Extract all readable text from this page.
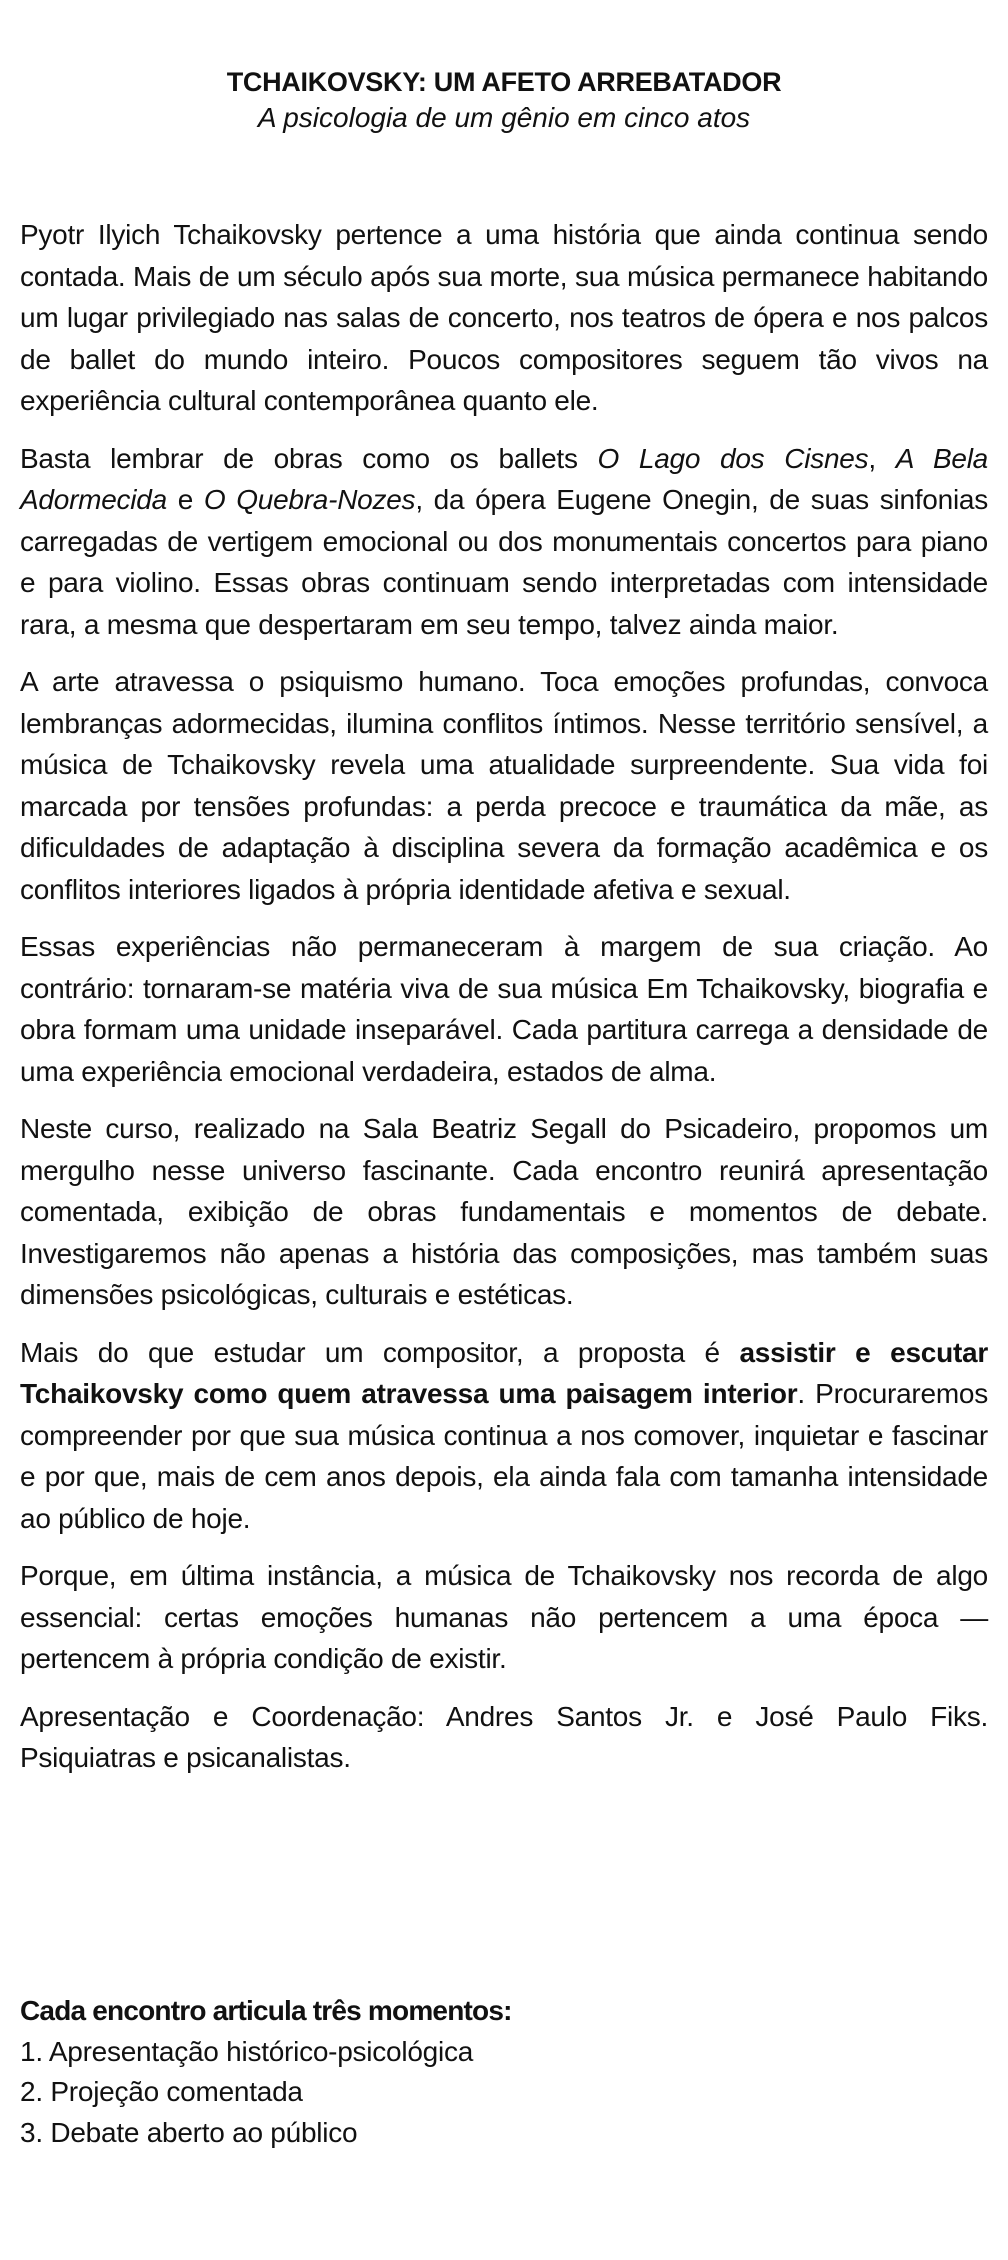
TCHAIKOVSKY: UM AFETO ARREBATADOR
A psicologia de um gênio em cinco atos

Pyotr Ilyich Tchaikovsky pertence a uma história que ainda continua sendo contada. Mais de um século após sua morte, sua música permanece habitando um lugar privilegiado nas salas de concerto, nos teatros de ópera e nos palcos de ballet do mundo inteiro. Poucos compositores seguem tão vivos na experiência cultural contemporânea quanto ele.

Basta lembrar de obras como os ballets O Lago dos Cisnes, A Bela Adormecida e O Quebra-Nozes, da ópera Eugene Onegin, de suas sinfonias carregadas de vertigem emocional ou dos monumentais concertos para piano e para violino. Essas obras continuam sendo interpretadas com intensidade rara, a mesma que despertaram em seu tempo, talvez ainda maior.

A arte atravessa o psiquismo humano. Toca emoções profundas, convoca lembranças adormecidas, ilumina conflitos íntimos. Nesse território sensível, a música de Tchaikovsky revela uma atualidade surpreendente. Sua vida foi marcada por tensões profundas: a perda precoce e traumática da mãe, as dificuldades de adaptação à disciplina severa da formação acadêmica e os conflitos interiores ligados à própria identidade afetiva e sexual.

Essas experiências não permaneceram à margem de sua criação. Ao contrário: tornaram-se matéria viva de sua música Em Tchaikovsky, biografia e obra formam uma unidade inseparável. Cada partitura carrega a densidade de uma experiência emocional verdadeira, estados de alma.

Neste curso, realizado na Sala Beatriz Segall do Psicadeiro, propomos um mergulho nesse universo fascinante. Cada encontro reunirá apresentação comentada, exibição de obras fundamentais e momentos de debate. Investigaremos não apenas a história das composições, mas também suas dimensões psicológicas, culturais e estéticas.

Mais do que estudar um compositor, a proposta é assistir e escutar Tchaikovsky como quem atravessa uma paisagem interior. Procuraremos compreender por que sua música continua a nos comover, inquietar e fascinar e por que, mais de cem anos depois, ela ainda fala com tamanha intensidade ao público de hoje.

Porque, em última instância, a música de Tchaikovsky nos recorda de algo essencial: certas emoções humanas não pertencem a uma época — pertencem à própria condição de existir.

Apresentação e Coordenação: Andres Santos Jr. e José Paulo Fiks. Psiquiatras e psicanalistas.

Cada encontro articula três momentos:
1. Apresentação histórico-psicológica
2. Projeção comentada
3. Debate aberto ao público
